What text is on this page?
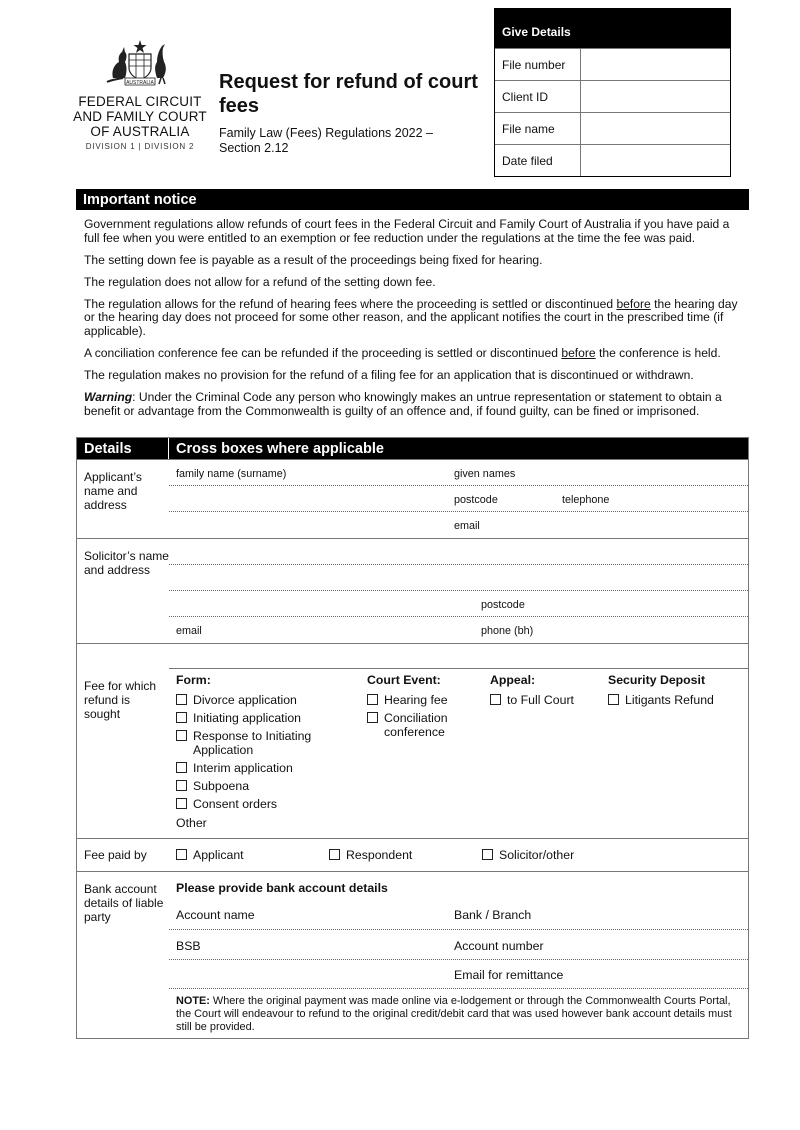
AUSTRALIA
FEDERAL CIRCUIT
AND FAMILY COURT
OF AUSTRALIA
DIVISION 1 | DIVISION 2
Request for refund of court fees
Family Law (Fees) Regulations 2022 – Section 2.12
Give Details
File number
Client ID
File name
Date filed
Important notice

Government regulations allow refunds of court fees in the Federal Circuit and Family Court of Australia if you have paid a full fee when you were entitled to an exemption or fee reduction under the regulations at the time the fee was paid.

The setting down fee is payable as a result of the proceedings being fixed for hearing.

The regulation does not allow for a refund of the setting down fee.

The regulation allows for the refund of hearing fees where the proceeding is settled or discontinued before the hearing day or the hearing day does not proceed for some other reason, and the applicant notifies the court in the prescribed time (if applicable).

A conciliation conference fee can be refunded if the proceeding is settled or discontinued before the conference is held.

The regulation makes no provision for the refund of a filing fee for an application that is discontinued or withdrawn.

Warning: Under the Criminal Code any person who knowingly makes an untrue representation or statement to obtain a benefit or advantage from the Commonwealth is guilty of an offence and, if found guilty, can be fined or imprisoned.

Details	Cross boxes where applicable
Applicant’s name and address
family name (surname)	given names
postcode	telephone
email
Solicitor’s name and address
postcode
email	phone (bh)
Fee for which refund is sought
Form:
Divorce application
Initiating application
Response to Initiating Application
Interim application
Subpoena
Consent orders
Other
Court Event:
Hearing fee
Conciliation conference
Appeal:
to Full Court
Security Deposit
Litigants Refund
Fee paid by	Applicant	Respondent	Solicitor/other
Bank account details of liable party
Please provide bank account details
Account name	Bank / Branch
BSB	Account number
Email for remittance
NOTE: Where the original payment was made online via e-lodgement or through the Commonwealth Courts Portal, the Court will endeavour to refund to the original credit/debit card that was used however bank account details must still be provided.
